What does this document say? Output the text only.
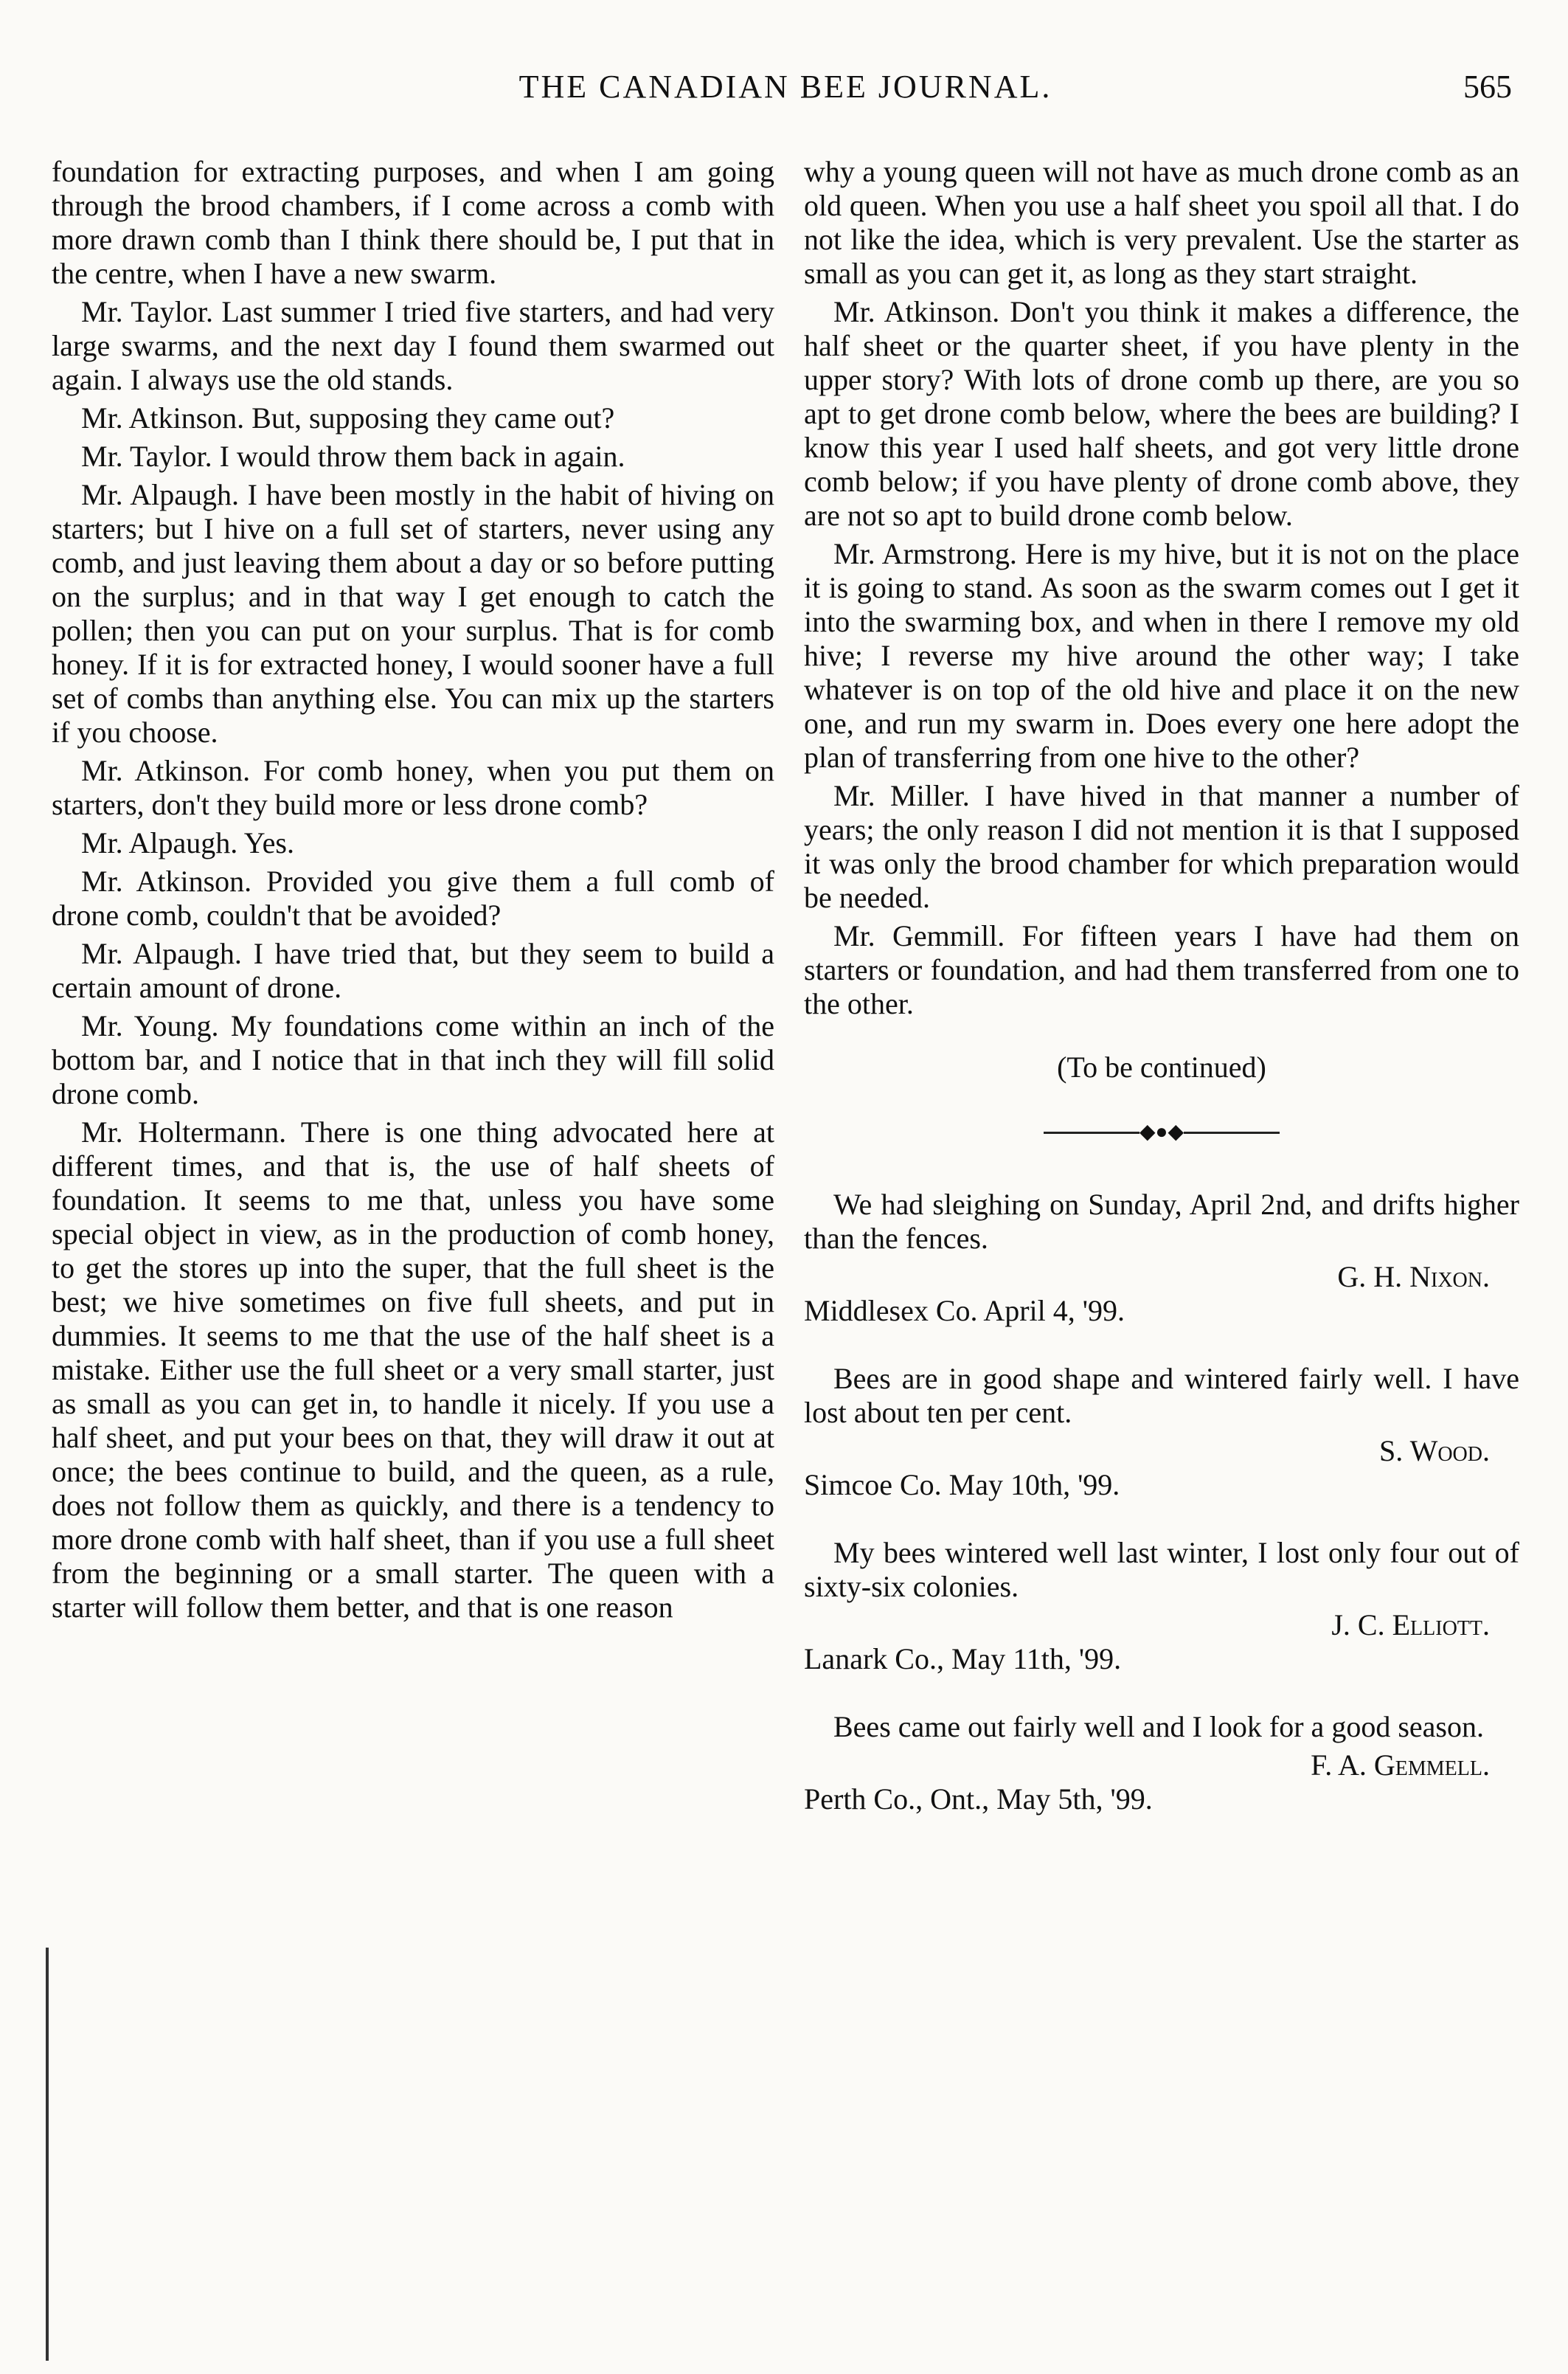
THE CANADIAN BEE JOURNAL.	565

foundation for extracting purposes, and when I am going through the brood chambers, if I come across a comb with more drawn comb than I think there should be, I put that in the centre, when I have a new swarm.

Mr. Taylor. Last summer I tried five starters, and had very large swarms, and the next day I found them swarmed out again. I always use the old stands.

Mr. Atkinson. But, supposing they came out?

Mr. Taylor. I would throw them back in again.

Mr. Alpaugh. I have been mostly in the habit of hiving on starters; but I hive on a full set of starters, never using any comb, and just leaving them about a day or so before putting on the surplus; and in that way I get enough to catch the pollen; then you can put on your surplus. That is for comb honey. If it is for extracted honey, I would sooner have a full set of combs than anything else. You can mix up the starters if you choose.

Mr. Atkinson. For comb honey, when you put them on starters, don't they build more or less drone comb?

Mr. Alpaugh. Yes.

Mr. Atkinson. Provided you give them a full comb of drone comb, couldn't that be avoided?

Mr. Alpaugh. I have tried that, but they seem to build a certain amount of drone.

Mr. Young. My foundations come within an inch of the bottom bar, and I notice that in that inch they will fill solid drone comb.

Mr. Holtermann. There is one thing advocated here at different times, and that is, the use of half sheets of foundation. It seems to me that, unless you have some special object in view, as in the production of comb honey, to get the stores up into the super, that the full sheet is the best; we hive sometimes on five full sheets, and put in dummies. It seems to me that the use of the half sheet is a mistake. Either use the full sheet or a very small starter, just as small as you can get in, to handle it nicely. If you use a half sheet, and put your bees on that, they will draw it out at once; the bees continue to build, and the queen, as a rule, does not follow them as quickly, and there is a tendency to more drone comb with half sheet, than if you use a full sheet from the beginning or a small starter. The queen with a starter will follow them better, and that is one reason

why a young queen will not have as much drone comb as an old queen. When you use a half sheet you spoil all that. I do not like the idea, which is very prevalent. Use the starter as small as you can get it, as long as they start straight.

Mr. Atkinson. Don't you think it makes a difference, the half sheet or the quarter sheet, if you have plenty in the upper story? With lots of drone comb up there, are you so apt to get drone comb below, where the bees are building? I know this year I used half sheets, and got very little drone comb below; if you have plenty of drone comb above, they are not so apt to build drone comb below.

Mr. Armstrong. Here is my hive, but it is not on the place it is going to stand. As soon as the swarm comes out I get it into the swarming box, and when in there I remove my old hive; I reverse my hive around the other way; I take whatever is on top of the old hive and place it on the new one, and run my swarm in. Does every one here adopt the plan of transferring from one hive to the other?

Mr. Miller. I have hived in that manner a number of years; the only reason I did not mention it is that I supposed it was only the brood chamber for which preparation would be needed.

Mr. Gemmill. For fifteen years I have had them on starters or foundation, and had them transferred from one to the other.

(To be continued)

◆●◆

We had sleighing on Sunday, April 2nd, and drifts higher than the fences.

G. H. Nixon.

Middlesex Co. April 4, '99.

Bees are in good shape and wintered fairly well. I have lost about ten per cent.

S. Wood.

Simcoe Co. May 10th, '99.

My bees wintered well last winter, I lost only four out of sixty-six colonies.

J. C. Elliott.

Lanark Co., May 11th, '99.

Bees came out fairly well and I look for a good season.

F. A. Gemmell.

Perth Co., Ont., May 5th, '99.
